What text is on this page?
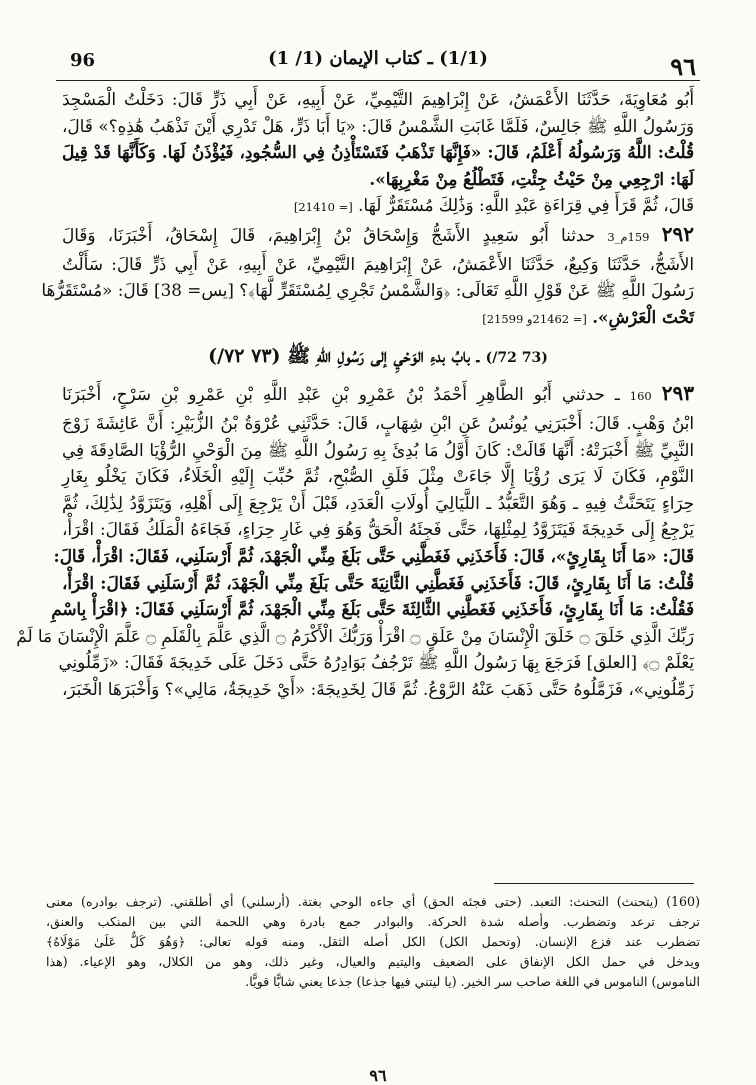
٩٦
(1/1) ـ كتاب الإيمان (1/ 1)
96
أَبُو مُعَاوِيَةَ، حَدَّثَنَا الأَعْمَشُ، عَنْ إِبْرَاهِيمَ التَّيْمِيِّ، عَنْ أَبِيهِ، عَنْ أَبِي ذَرٍّ قَالَ: دَخَلْتُ الْمَسْجِدَ
وَرَسُولُ اللَّهِ ﷺ جَالِسٌ، فَلَمَّا غَابَتِ الشَّمْسُ قَالَ: «يَا أَبَا ذَرٍّ، هَلْ تَدْرِي أَيْنَ تَذْهَبُ هَٰذِهِ؟» قَالَ،
قُلْتُ: اللَّهُ وَرَسُولُهُ أَعْلَمُ، قَالَ: «فَإِنَّهَا تَذْهَبُ فَتَسْتَأْذِنُ فِي السُّجُودِ، فَيُؤْذَنُ لَهَا. وَكَأَنَّهَا قَدْ قِيلَ
لَهَا: ارْجِعِي مِنْ حَيْثُ جِئْتِ، فَتَطْلُعُ مِنْ مَغْرِبِهَا».
قَالَ، ثُمَّ قَرَأَ فِي قِرَاءَةِ عَبْدِ اللَّهِ: وَذَٰلِكَ مُسْتَقَرٌّ لَهَا. [= 21410]
٢٩٢ 159م_3 حدثنا أَبُو سَعِيدٍ الأَشَجُّ وَإِسْحَاقُ بْنُ إِبْرَاهِيمَ، قَالَ إِسْحَاقُ، أَخْبَرَنَا، وَقَالَ
الأَشَجُّ، حَدَّثَنَا وَكِيعٌ، حَدَّثَنَا الأَعْمَشُ، عَنْ إِبْرَاهِيمَ التَّيْمِيِّ، عَنْ أَبِيهِ، عَنْ أَبِي ذَرٍّ قَالَ: سَأَلْتُ
رَسُولَ اللَّهِ ﷺ عَنْ قَوْلِ اللَّهِ تَعَالَى: ﴿وَالشَّمْسُ تَجْرِي لِمُسْتَقَرٍّ لَّهَا﴾؟ [يس= 38] قَالَ: «مُسْتَقَرُّهَا
تَحْتَ الْعَرْشِ». [= 21462و 21599]
(73 72/) ـ بابُ بدءِ الوَحْيِ إلى رَسُولِ اللّهِ ﷺ (٧٣ ٧٢/)
٢٩٣ 160 ـ حدثني أَبُو الطَّاهِرِ أَحْمَدُ بْنُ عَمْرِو بْنِ عَبْدِ اللَّهِ بْنِ عَمْرِو بْنِ سَرْحٍ، أَخْبَرَنَا
ابْنُ وَهْبٍ. قَالَ: أَخْبَرَنِي يُونُسُ عَنِ ابْنِ شِهَابٍ، قَالَ: حَدَّثَنِي عُرْوَةُ بْنُ الزُّبَيْرِ: أَنَّ عَائِشَةَ زَوْجَ
النَّبِيِّ ﷺ أَخْبَرَتْهُ: أَنَّهَا قَالَتْ: كَانَ أَوَّلُ مَا بُدِئَ بِهِ رَسُولُ اللَّهِ ﷺ مِنَ الْوَحْيِ الرُّؤْيَا الصَّادِقَةَ فِي
النَّوْمِ، فَكَانَ لَا يَرَى رُؤْيَا إِلَّا جَاءَتْ مِثْلَ فَلَقِ الصُّبْحِ، ثُمَّ حُبِّبَ إِلَيْهِ الْخَلَاءُ، فَكَانَ يَخْلُو بِغَارِ
حِرَاءٍ يَتَحَنَّثُ فِيهِ ـ وَهُوَ التَّعَبُّدُ ـ اللَّيَالِيَ أُولَاتِ الْعَدَدِ، قَبْلَ أَنْ يَرْجِعَ إِلَى أَهْلِهِ، وَيَتَزَوَّدُ لِذَٰلِكَ، ثُمَّ
يَرْجِعُ إِلَى خَدِيجَةَ فَيَتَزَوَّدُ لِمِثْلِهَا، حَتَّى فَجِئَهُ الْحَقُّ وَهُوَ فِي غَارِ حِرَاءٍ، فَجَاءَهُ الْمَلَكُ فَقَالَ: اقْرَأْ،
قَالَ: «مَا أَنَا بِقَارِئٍ»، قَالَ: فَأَخَذَنِي فَغَطَّنِي حَتَّى بَلَغَ مِنِّي الْجَهْدَ، ثُمَّ أَرْسَلَنِي، فَقَالَ: اقْرَأْ، قَالَ:
قُلْتُ: مَا أَنَا بِقَارِئٍ، قَالَ: فَأَخَذَنِي فَغَطَّنِي الثَّانِيَةَ حَتَّى بَلَغَ مِنِّي الْجَهْدَ، ثُمَّ أَرْسَلَنِي فَقَالَ: اقْرَأْ،
فَقُلْتُ: مَا أَنَا بِقَارِئٍ، فَأَخَذَنِي فَغَطَّنِي الثَّالِثَةَ حَتَّى بَلَغَ مِنِّي الْجَهْدَ، ثُمَّ أَرْسَلَنِي فَقَالَ: ﴿اقْرَأْ بِاسْمِ
رَبِّكَ الَّذِي خَلَقَ ۝ خَلَقَ الْإِنْسَانَ مِنْ عَلَقٍ ۝ اقْرَأْ وَرَبُّكَ الْأَكْرَمُ ۝ الَّذِي عَلَّمَ بِالْقَلَمِ ۝ عَلَّمَ الْإِنْسَانَ مَا لَمْ
يَعْلَمْ ۝﴾ [العلق] فَرَجَعَ بِهَا رَسُولُ اللَّهِ ﷺ تَرْجُفُ بَوَادِرُهُ حَتَّى دَخَلَ عَلَى خَدِيجَةَ فَقَالَ: «زَمِّلُونِي
زَمِّلُونِي»، فَزَمَّلُوهُ حَتَّى ذَهَبَ عَنْهُ الرَّوْعُ. ثُمَّ قَالَ لِخَدِيجَةَ: «أَيْ خَدِيجَةُ، مَالِي»؟ وَأَخْبَرَهَا الْخَبَرَ،
(160) (يتحنث) التحنث: التعبد. (حتى فجئه الحق) أي جاءه الوحي بغتة. (أرسلني) أي أطلقني. (ترجف بوادره) معنى
ترجف ترعد وتضطرب. وأصله شدة الحركة. والبوادر جمع بادرة وهي اللحمة التي بين المنكب والعنق،
تضطرب عند فزع الإنسان. (وتحمل الكل) الكل أصله الثقل. ومنه قوله تعالى: ﴿وَهُوَ كَلٌّ عَلَىٰ مَوْلَاهُ﴾
ويدخل في حمل الكل الإنفاق على الضعيف واليتيم والعيال، وغير ذلك، وهو من الكلال، وهو الإعياء. (هذا
الناموس) الناموس في اللغة صاحب سر الخير. (يا ليتني فيها جذعا) جذعا يعني شابًّا قويًّا.
٩٦
